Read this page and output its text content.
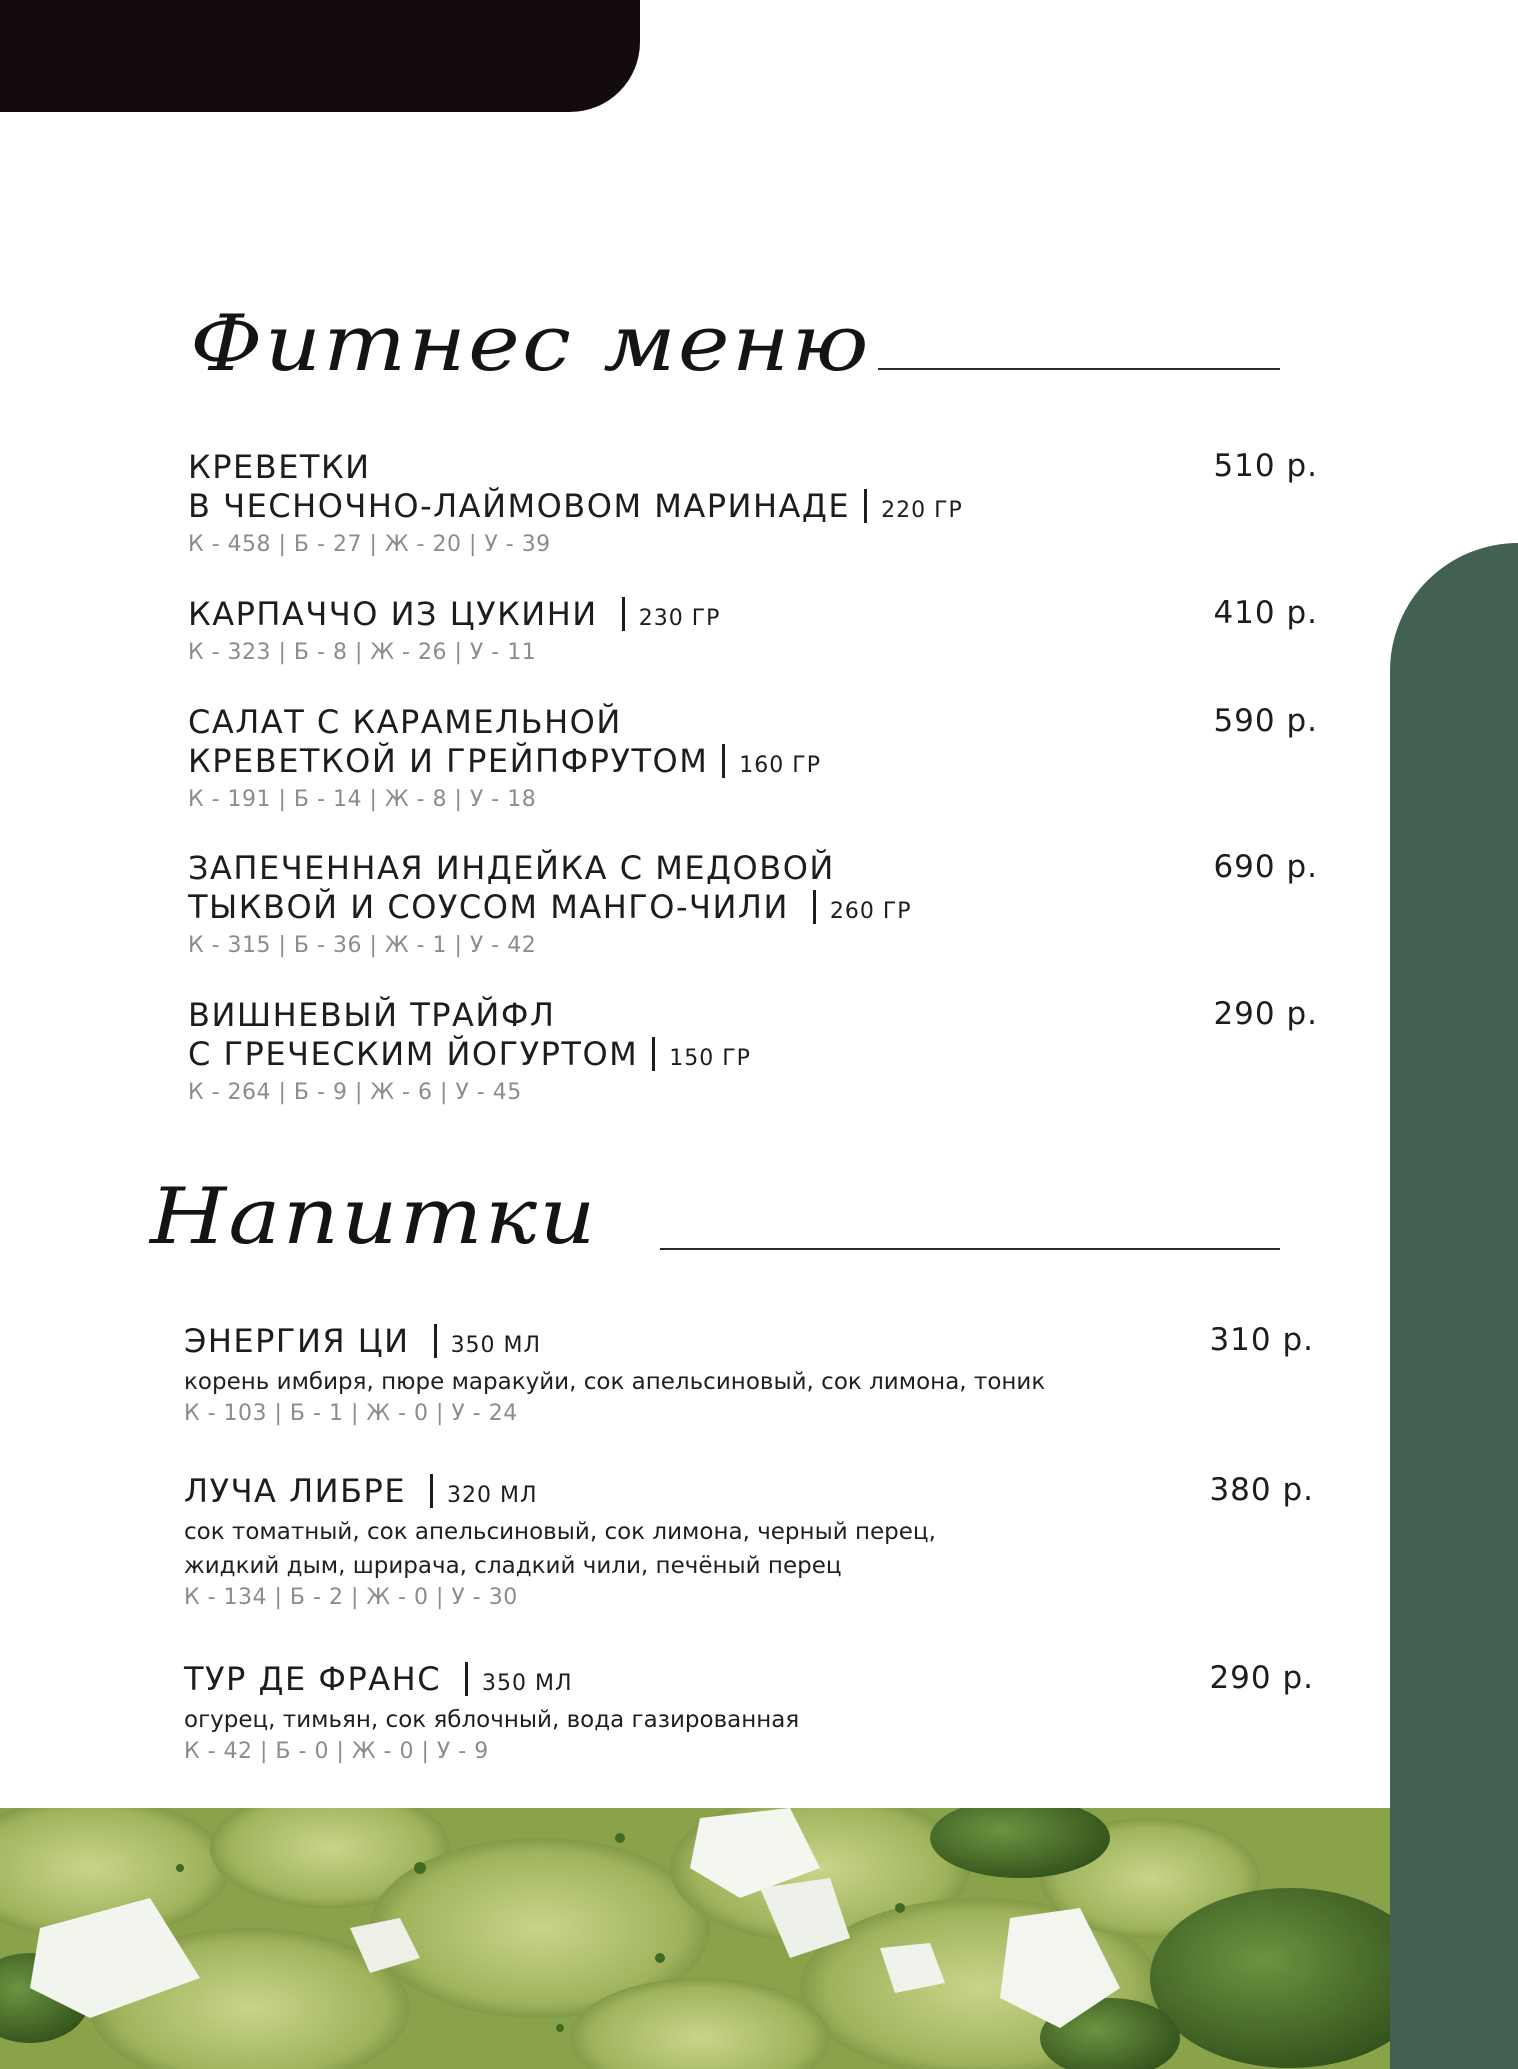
Фитнес меню
КРЕВЕТКИ
В ЧЕСНОЧНО-ЛАЙМОВОМ МАРИНАДЕ 220 ГР
К - 458 | Б - 27 | Ж - 20 | У - 39
510 р.
КАРПАЧЧО ИЗ ЦУКИНИ 230 ГР
К - 323 | Б - 8 | Ж - 26 | У - 11
410 р.
САЛАТ С КАРАМЕЛЬНОЙ
КРЕВЕТКОЙ И ГРЕЙПФРУТОМ 160 ГР
К - 191 | Б - 14 | Ж - 8 | У - 18
590 р.
ЗАПЕЧЕННАЯ ИНДЕЙКА С МЕДОВОЙ
ТЫКВОЙ И СОУСОМ МАНГО-ЧИЛИ 260 ГР
К - 315 | Б - 36 | Ж - 1 | У - 42
690 р.
ВИШНЕВЫЙ ТРАЙФЛ
С ГРЕЧЕСКИМ ЙОГУРТОМ 150 ГР
К - 264 | Б - 9 | Ж - 6 | У - 45
290 р.
Напитки
ЭНЕРГИЯ ЦИ 350 МЛ
корень имбиря, пюре маракуйи, сок апельсиновый, сок лимона, тоник
К - 103 | Б - 1 | Ж - 0 | У - 24
310 р.
ЛУЧА ЛИБРЕ 320 МЛ
сок томатный, сок апельсиновый, сок лимона, черный перец,
жидкий дым, шрирача, сладкий чили, печёный перец
К - 134 | Б - 2 | Ж - 0 | У - 30
380 р.
ТУР ДЕ ФРАНС 350 МЛ
огурец, тимьян, сок яблочный, вода газированная
К - 42 | Б - 0 | Ж - 0 | У - 9
290 р.
